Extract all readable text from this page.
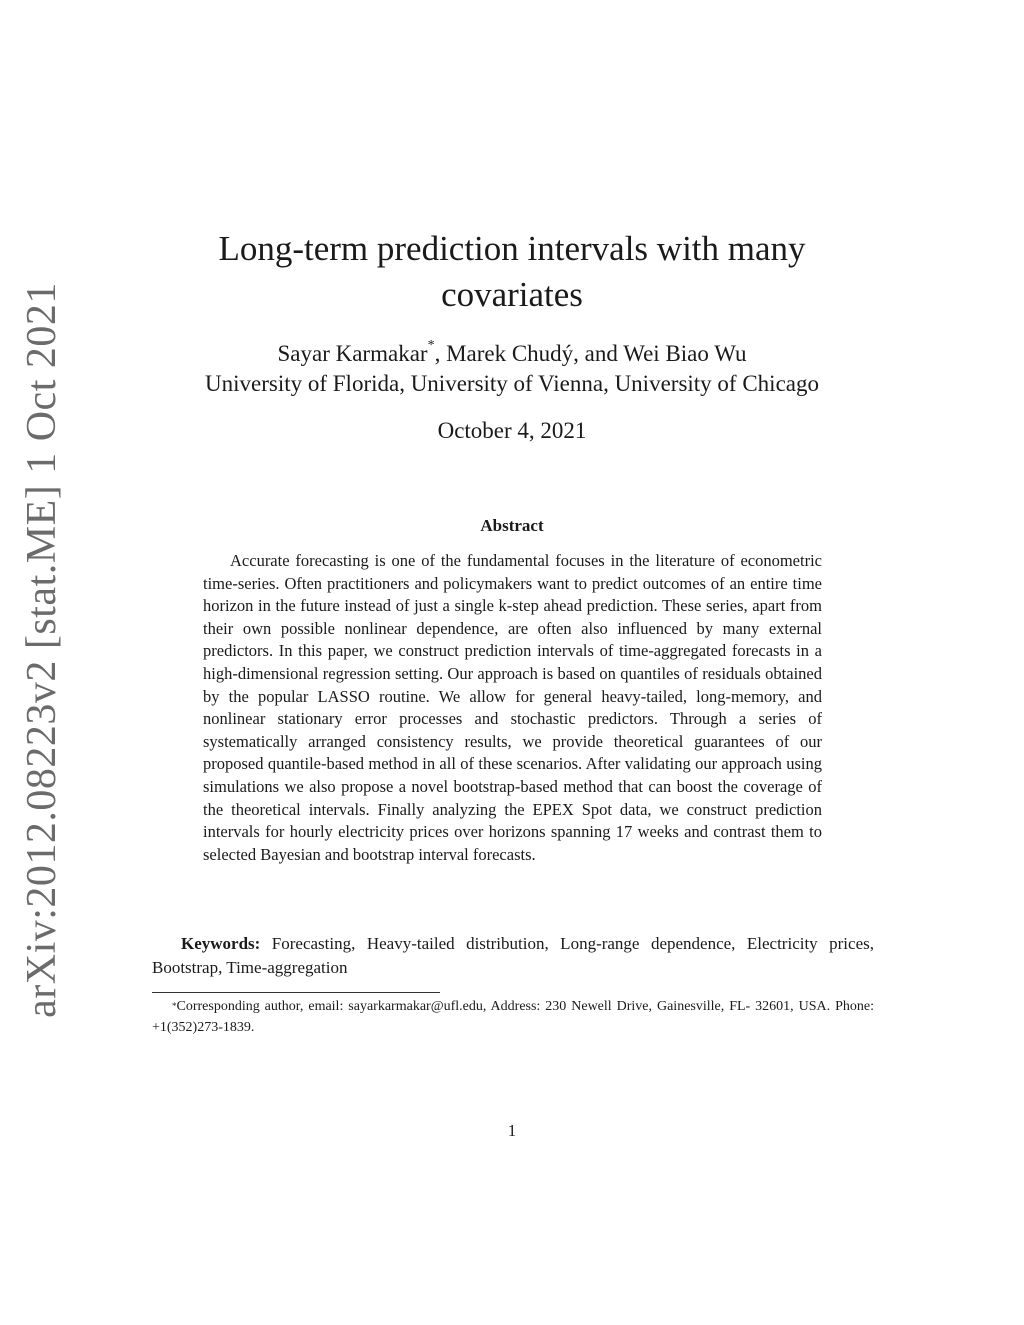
arXiv:2012.08223v2 [stat.ME] 1 Oct 2021
Long-term prediction intervals with many covariates
Sayar Karmakar*, Marek Chudý, and Wei Biao Wu
University of Florida, University of Vienna, University of Chicago
October 4, 2021
Abstract

Accurate forecasting is one of the fundamental focuses in the literature of econometric time-series. Often practitioners and policymakers want to predict outcomes of an entire time horizon in the future instead of just a single k-step ahead prediction. These series, apart from their own possible nonlinear dependence, are often also influenced by many external predictors. In this paper, we construct prediction intervals of time-aggregated forecasts in a high-dimensional regression setting. Our approach is based on quantiles of residuals obtained by the popular LASSO routine. We allow for general heavy-tailed, long-memory, and nonlinear stationary error processes and stochastic predictors. Through a series of systematically arranged consistency results, we provide theoretical guarantees of our proposed quantile-based method in all of these scenarios. After validating our approach using simulations we also propose a novel bootstrap-based method that can boost the coverage of the theoretical intervals. Finally analyzing the EPEX Spot data, we construct prediction intervals for hourly electricity prices over horizons spanning 17 weeks and contrast them to selected Bayesian and bootstrap interval forecasts.

Keywords: Forecasting, Heavy-tailed distribution, Long-range dependence, Electricity prices, Bootstrap, Time-aggregation

*Corresponding author, email: sayarkarmakar@ufl.edu, Address: 230 Newell Drive, Gainesville, FL- 32601, USA. Phone: +1(352)273-1839.

1
